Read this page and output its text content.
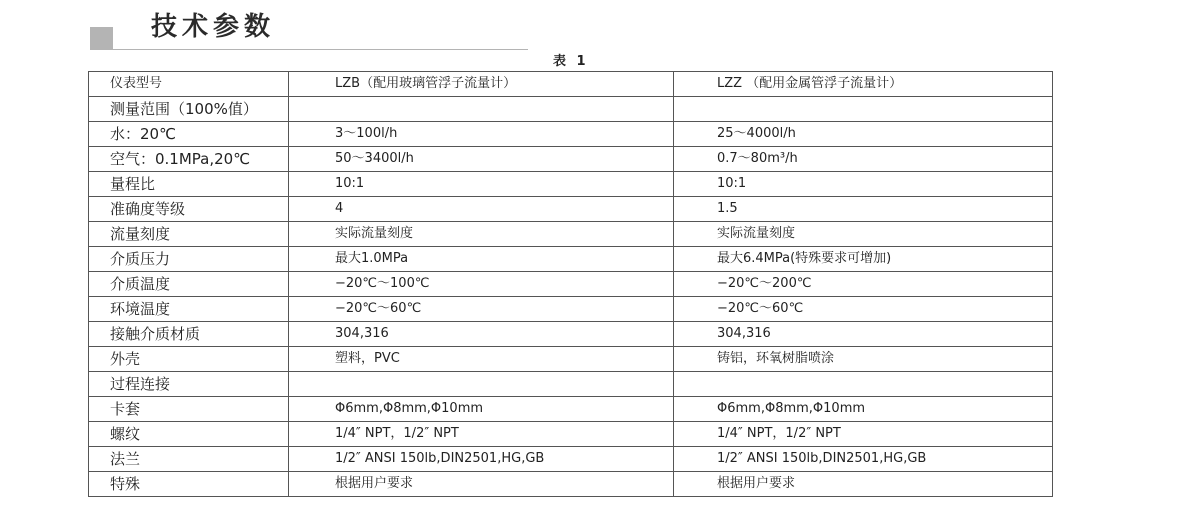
技术参数
表 1
仪表型号	LZB（配用玻璃管浮子流量计）	LZZ （配用金属管浮子流量计）
测量范围（100%值）		
水：20℃	3～100l/h	25～4000l/h
空气：0.1MPa,20℃	50～3400l/h	0.7～80m³/h
量程比	10:1	10:1
准确度等级	4	1.5
流量刻度	实际流量刻度	实际流量刻度
介质压力	最大1.0MPa	最大6.4MPa(特殊要求可增加)
介质温度	−20℃～100℃	−20℃～200℃
环境温度	−20℃～60℃	−20℃～60℃
接触介质材质	304,316	304,316
外壳	塑料，PVC	铸铝，环氧树脂喷涂
过程连接		
卡套	Φ6mm,Φ8mm,Φ10mm	Φ6mm,Φ8mm,Φ10mm
螺纹	1/4″ NPT，1/2″ NPT	1/4″ NPT，1/2″ NPT
法兰	1/2″ ANSI 150lb,DIN2501,HG,GB	1/2″ ANSI 150lb,DIN2501,HG,GB
特殊	根据用户要求	根据用户要求
